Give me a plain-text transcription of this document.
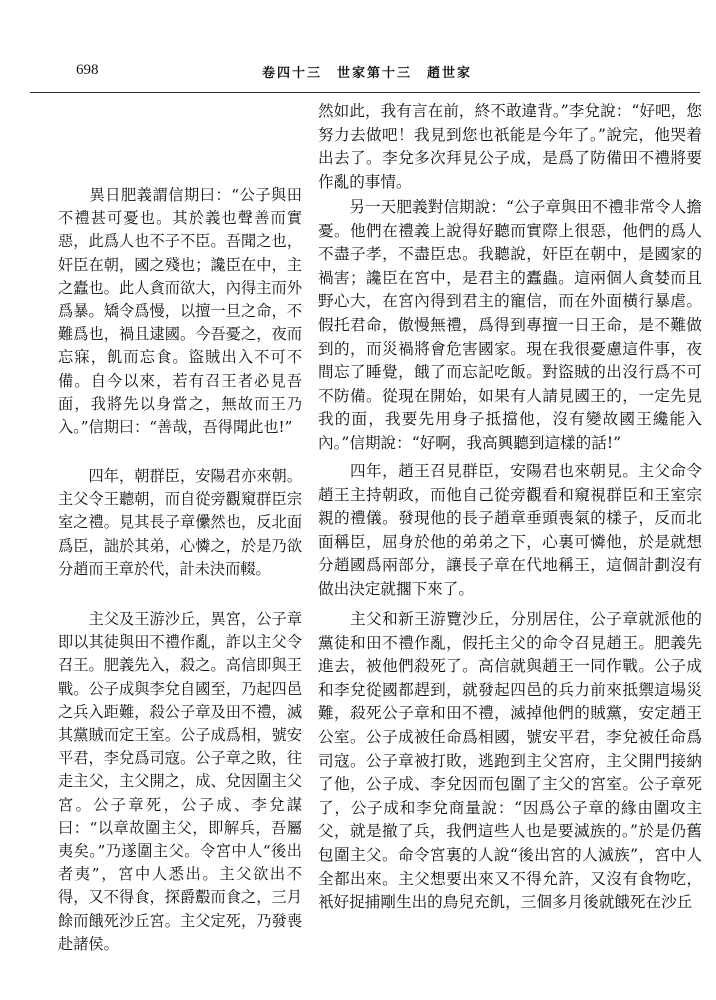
698	卷四十三　世家第十三　趙世家

　　異日肥義謂信期曰：“公子與田不禮甚可憂也。其於義也聲善而實惡，此爲人也不子不臣。吾聞之也，奸臣在朝，國之殘也；讒臣在中，主之蠹也。此人貪而欲大，內得主而外爲暴。矯令爲慢，以擅一旦之命，不難爲也，禍且逮國。今吾憂之，夜而忘寐，飢而忘食。盜賊出入不可不備。自今以來，若有召王者必見吾面，我將先以身當之，無故而王乃入。”信期曰：“善哉，吾得聞此也!”

　　四年，朝群臣，安陽君亦來朝。主父令王聽朝，而自從旁觀窺群臣宗室之禮。見其長子章儽然也，反北面爲臣，詘於其弟，心憐之，於是乃欲分趙而王章於代，計未決而輟。

　　主父及王游沙丘，異宮，公子章即以其徒與田不禮作亂，詐以主父令召王。肥義先入，殺之。高信即與王戰。公子成與李兌自國至，乃起四邑之兵入距難，殺公子章及田不禮，滅其黨賊而定王室。公子成爲相，號安平君，李兌爲司寇。公子章之敗，往走主父，主父開之，成、兌因圍主父宮。公子章死，公子成、李兌謀曰：“以章故圍主父，即解兵，吾屬夷矣。”乃遂圍主父。令宮中人“後出者夷”，宮中人悉出。主父欲出不得，又不得食，探爵鷇而食之，三月餘而餓死沙丘宮。主父定死，乃發喪赴諸侯。

然如此，我有言在前，終不敢違背。”李兌說：“好吧，您努力去做吧！我見到您也祇能是今年了。”說完，他哭着出去了。李兌多次拜見公子成，是爲了防備田不禮將要作亂的事情。

　　另一天肥義對信期說：“公子章與田不禮非常令人擔憂。他們在禮義上說得好聽而實際上很惡，他們的爲人不盡子孝，不盡臣忠。我聽說，奸臣在朝中，是國家的禍害；讒臣在宮中，是君主的蠹蟲。這兩個人貪婪而且野心大，在宮內得到君主的寵信，而在外面橫行暴虐。假托君命，傲慢無禮，爲得到專擅一日王命，是不難做到的，而災禍將會危害國家。現在我很憂慮這件事，夜間忘了睡覺，餓了而忘記吃飯。對盜賊的出沒行爲不可不防備。從現在開始，如果有人請見國王的，一定先見我的面，我要先用身子抵擋他，沒有變故國王纔能入內。”信期說：“好啊，我高興聽到這樣的話!”

　　四年，趙王召見群臣，安陽君也來朝見。主父命令趙王主持朝政，而他自己從旁觀看和窺視群臣和王室宗親的禮儀。發現他的長子趙章垂頭喪氣的樣子，反而北面稱臣，屈身於他的弟弟之下，心裏可憐他，於是就想分趙國爲兩部分，讓長子章在代地稱王，這個計劃沒有做出決定就擱下來了。

　　主父和新王游覽沙丘，分別居住，公子章就派他的黨徒和田不禮作亂，假托主父的命令召見趙王。肥義先進去，被他們殺死了。高信就與趙王一同作戰。公子成和李兌從國都趕到，就發起四邑的兵力前來抵禦這場災難，殺死公子章和田不禮，滅掉他們的賊黨，安定趙王公室。公子成被任命爲相國，號安平君，李兌被任命爲司寇。公子章被打敗，逃跑到主父宮府，主父開門接納了他，公子成、李兌因而包圍了主父的宮室。公子章死了，公子成和李兌商量說：“因爲公子章的緣由圍攻主父，就是撤了兵，我們這些人也是要滅族的。”於是仍舊包圍主父。命令宮裏的人說“後出宮的人滅族”，宮中人全都出來。主父想要出來又不得允許，又沒有食物吃，衹好捉捕剛生出的鳥兒充飢，三個多月後就餓死在沙丘
